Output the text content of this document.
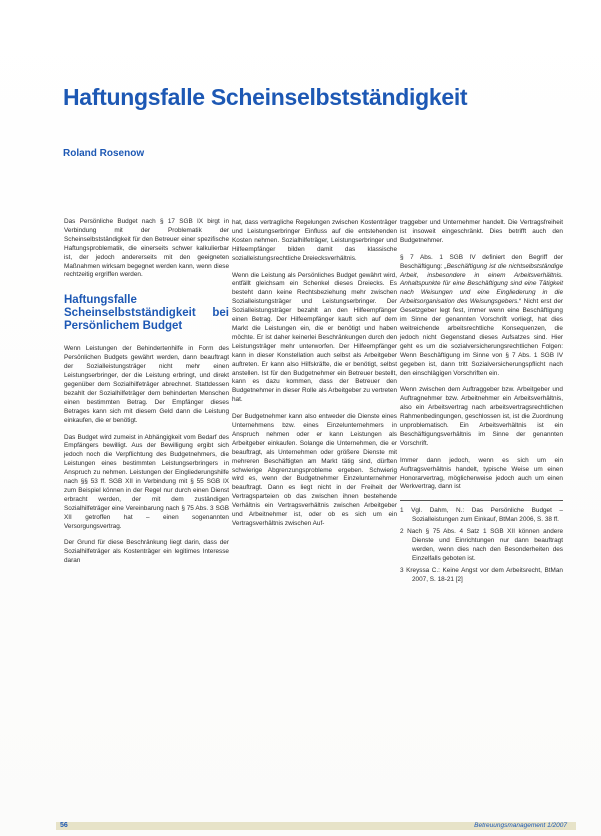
Haftungsfalle Scheinselbstständigkeit
Roland Rosenow

Das Persönliche Budget nach § 17 SGB IX birgt in Verbindung mit der Problematik der Scheinselbstständigkeit für den Betreuer einer spezifische Haftungsproblematik, die einerseits schwer kalkulierbar ist, der jedoch andererseits mit den geeigneten Maßnahmen wirksam begegnet werden kann, wenn diese rechtzeitig ergriffen werden.

Haftungsfalle Scheinselbstständigkeit bei Persönlichem Budget

Wenn Leistungen der Behindertenhilfe in Form des Persönlichen Budgets gewährt werden, dann beauftragt der Sozialleistungsträger nicht mehr einen Leistungserbringer, der die Leistung erbringt, und direkt gegenüber dem Sozialhilfeträger abrechnet. Stattdessen bezahlt der Sozialhilfeträger dem behinderten Menschen einen bestimmten Betrag. Der Empfänger dieses Betrages kann sich mit diesem Geld dann die Leistung einkaufen, die er benötigt.

Das Budget wird zumeist in Abhängigkeit vom Bedarf des Empfängers bewilligt. Aus der Bewilligung ergibt sich jedoch noch die Verpflichtung des Budgetnehmers, die Leistungen eines bestimmten Leistungserbringers in Anspruch zu nehmen. Leistungen der Eingliederungshilfe nach §§ 53 ff. SGB XII in Verbindung mit § 55 SGB IX zum Beispiel können in der Regel nur durch einen Dienst erbracht werden, der mit dem zuständigen Sozialhilfeträger eine Vereinbarung nach § 75 Abs. 3 SGB XII getroffen hat – einen sogenannten Versorgungsvertrag.

Der Grund für diese Beschränkung liegt darin, dass der Sozialhilfeträger als Kostenträger ein legitimes Interesse daran

hat, dass vertragliche Regelungen zwischen Kostenträger und Leistungserbringer Einfluss auf die entstehenden Kosten nehmen. Sozialhilfeträger, Leistungserbringer und Hilfeempfänger bilden damit das klassische sozialleistungsrechtliche Dreiecksverhältnis.

Wenn die Leistung als Persönliches Budget gewährt wird, entfällt gleichsam ein Schenkel dieses Dreiecks. Es besteht dann keine Rechtsbeziehung mehr zwischen Sozialleistungsträger und Leistungserbringer. Der Sozialleistungsträger bezahlt an den Hilfeempfänger einen Betrag. Der Hilfeempfänger kauft sich auf dem Markt die Leistungen ein, die er benötigt und haben möchte. Er ist daher keinerlei Beschränkungen durch den Leistungsträger mehr unterworfen. Der Hilfeempfänger kann in dieser Konstellation auch selbst als Arbeitgeber auftreten. Er kann also Hilfskräfte, die er benötigt, selbst anstellen. Ist für den Budgetnehmer ein Betreuer bestellt, kann es dazu kommen, dass der Betreuer den Budgetnehmer in dieser Rolle als Arbeitgeber zu vertreten hat.

Der Budgetnehmer kann also entweder die Dienste eines Unternehmens bzw. eines Einzelunternehmers in Anspruch nehmen oder er kann Leistungen als Arbeitgeber einkaufen. Solange die Unternehmen, die er beauftragt, als Unternehmen oder größere Dienste mit mehreren Beschäftigten am Markt tätig sind, dürften schwierige Abgrenzungsprobleme ergeben. Schwierig wird es, wenn der Budgetnehmer Einzelunternehmer beauftragt. Dann es liegt nicht in der Freiheit der Vertragsparteien ob das zwischen ihnen bestehende Verhältnis ein Vertragsverhältnis zwischen Arbeitgeber und Arbeitnehmer ist, oder ob es sich um ein Vertragsverhältnis zwischen Auf-

traggeber und Unternehmer handelt. Die Vertragsfreiheit ist insoweit eingeschränkt. Dies betrifft auch den Budgetnehmer.

§ 7 Abs. 1 SGB IV definiert den Begriff der Beschäftigung: „Beschäftigung ist die nichtselbstständige Arbeit, insbesondere in einem Arbeitsverhältnis. Anhaltspunkte für eine Beschäftigung sind eine Tätigkeit nach Weisungen und eine Eingliederung in die Arbeitsorganisation des Weisungsgebers.“ Nicht erst der Gesetzgeber legt fest, immer wenn eine Beschäftigung im Sinne der genannten Vorschrift vorliegt, hat dies weitreichende arbeitsrechtliche Konsequenzen, die jedoch nicht Gegenstand dieses Aufsatzes sind. Hier geht es um die sozialversicherungsrechtlichen Folgen: Wenn Beschäftigung im Sinne von § 7 Abs. 1 SGB IV gegeben ist, dann tritt Sozialversicherungspflicht nach den einschlägigen Vorschriften ein.

Wenn zwischen dem Auftraggeber bzw. Arbeitgeber und Auftragnehmer bzw. Arbeitnehmer ein Arbeitsverhältnis, also ein Arbeitsvertrag nach arbeitsvertragsrechtlichen Rahmenbedingungen, geschlossen ist, ist die Zuordnung unproblematisch. Ein Arbeitsverhältnis ist ein Beschäftigungsverhältnis im Sinne der genannten Vorschrift.

Immer dann jedoch, wenn es sich um ein Auftragsverhältnis handelt, typische Weise um einen Honorarvertrag, möglicherweise jedoch auch um einen Werkvertrag, dann ist

1 Vgl. Dahm, N.: Das Persönliche Budget – Sozialleistungen zum Einkauf, BtMan 2006, S. 38 ff.
2 Nach § 75 Abs. 4 Satz 1 SGB XII können andere Dienste und Einrichtungen nur dann beauftragt werden, wenn dies nach den Besonderheiten des Einzelfalls geboten ist.
3 Kreyssa C.: Keine Angst vor dem Arbeitsrecht, BtMan 2007, S. 18-21 [2]
56	Betreuungsmanagement 1/2007
